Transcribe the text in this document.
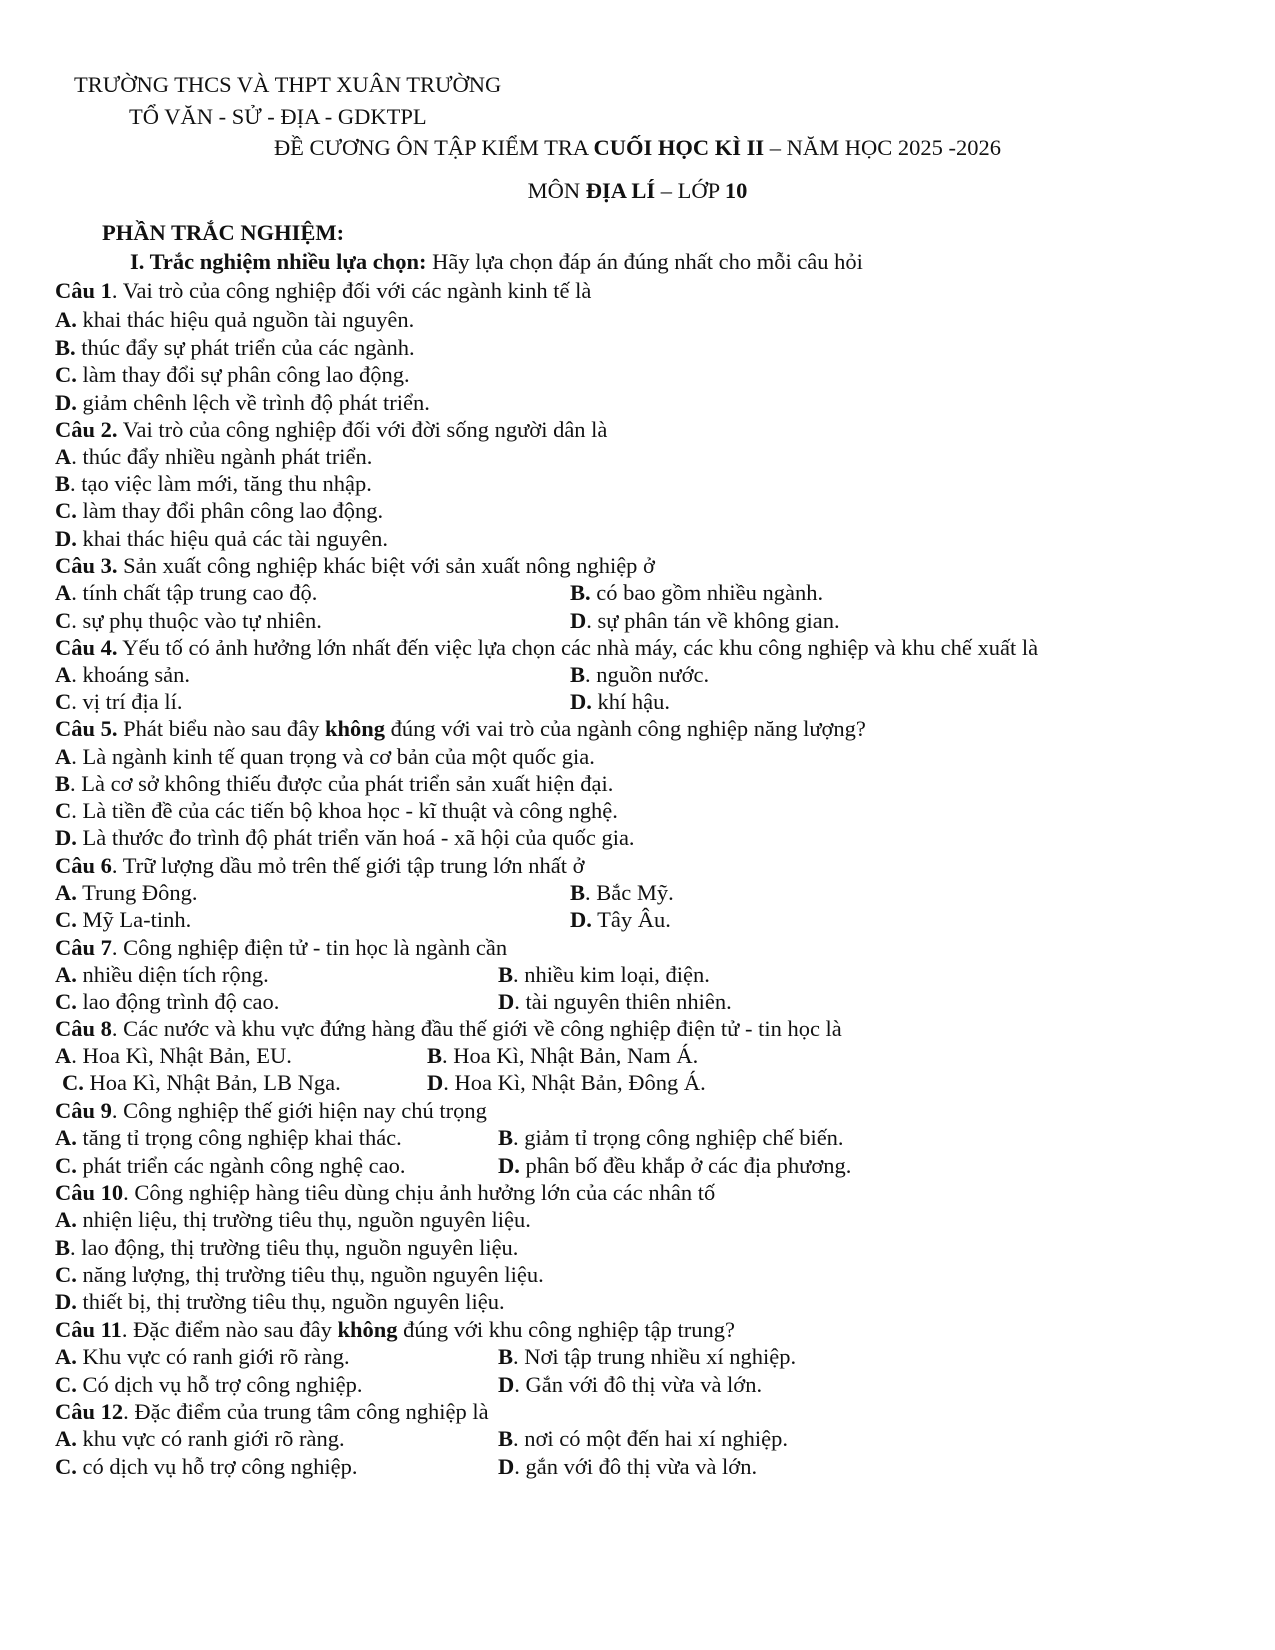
TRƯỜNG THCS VÀ THPT XUÂN TRƯỜNG
TỔ VĂN - SỬ - ĐỊA - GDKTPL
ĐỀ CƯƠNG ÔN TẬP KIỂM TRA CUỐI HỌC KÌ II – NĂM HỌC 2025 -2026
MÔN ĐỊA LÍ – LỚP 10
PHẦN TRẮC NGHIỆM:
I. Trắc nghiệm nhiều lựa chọn: Hãy lựa chọn đáp án đúng nhất cho mỗi câu hỏi
Câu 1. Vai trò của công nghiệp đối với các ngành kinh tế là
A. khai thác hiệu quả nguồn tài nguyên.
B. thúc đẩy sự phát triển của các ngành.
C. làm thay đổi sự phân công lao động.
D. giảm chênh lệch về trình độ phát triển.
Câu 2. Vai trò của công nghiệp đối với đời sống người dân là
A. thúc đẩy nhiều ngành phát triển.
B. tạo việc làm mới, tăng thu nhập.
C. làm thay đổi phân công lao động.
D. khai thác hiệu quả các tài nguyên.
Câu 3. Sản xuất công nghiệp khác biệt với sản xuất nông nghiệp ở
A. tính chất tập trung cao độ.	B. có bao gồm nhiều ngành.
C. sự phụ thuộc vào tự nhiên.	D. sự phân tán về không gian.
Câu 4. Yếu tố có ảnh hưởng lớn nhất đến việc lựa chọn các nhà máy, các khu công nghiệp và khu chế xuất là
A. khoáng sản.	B. nguồn nước.
C. vị trí địa lí.	D. khí hậu.
Câu 5. Phát biểu nào sau đây không đúng với vai trò của ngành công nghiệp năng lượng?
A. Là ngành kinh tế quan trọng và cơ bản của một quốc gia.
B. Là cơ sở không thiếu được của phát triển sản xuất hiện đại.
C. Là tiền đề của các tiến bộ khoa học - kĩ thuật và công nghệ.
D. Là thước đo trình độ phát triển văn hoá - xã hội của quốc gia.
Câu 6. Trữ lượng dầu mỏ trên thế giới tập trung lớn nhất ở
A. Trung Đông.	B. Bắc Mỹ.
C. Mỹ La-tinh.	D. Tây Âu.
Câu 7. Công nghiệp điện tử - tin học là ngành cần
A. nhiều diện tích rộng.	B. nhiều kim loại, điện.
C. lao động trình độ cao.	D. tài nguyên thiên nhiên.
Câu 8. Các nước và khu vực đứng hàng đầu thế giới về công nghiệp điện tử - tin học là
A. Hoa Kì, Nhật Bản, EU.	B. Hoa Kì, Nhật Bản, Nam Á.
C. Hoa Kì, Nhật Bản, LB Nga.	D. Hoa Kì, Nhật Bản, Đông Á.
Câu 9. Công nghiệp thế giới hiện nay chú trọng
A. tăng tỉ trọng công nghiệp khai thác.	B. giảm tỉ trọng công nghiệp chế biến.
C. phát triển các ngành công nghệ cao.	D. phân bố đều khắp ở các địa phương.
Câu 10. Công nghiệp hàng tiêu dùng chịu ảnh hưởng lớn của các nhân tố
A. nhiện liệu, thị trường tiêu thụ, nguồn nguyên liệu.
B. lao động, thị trường tiêu thụ, nguồn nguyên liệu.
C. năng lượng, thị trường tiêu thụ, nguồn nguyên liệu.
D. thiết bị, thị trường tiêu thụ, nguồn nguyên liệu.
Câu 11. Đặc điểm nào sau đây không đúng với khu công nghiệp tập trung?
A. Khu vực có ranh giới rõ ràng.	B. Nơi tập trung nhiều xí nghiệp.
C. Có dịch vụ hỗ trợ công nghiệp.	D. Gắn với đô thị vừa và lớn.
Câu 12. Đặc điểm của trung tâm công nghiệp là
A. khu vực có ranh giới rõ ràng.	B. nơi có một đến hai xí nghiệp.
C. có dịch vụ hỗ trợ công nghiệp.	D. gắn với đô thị vừa và lớn.
